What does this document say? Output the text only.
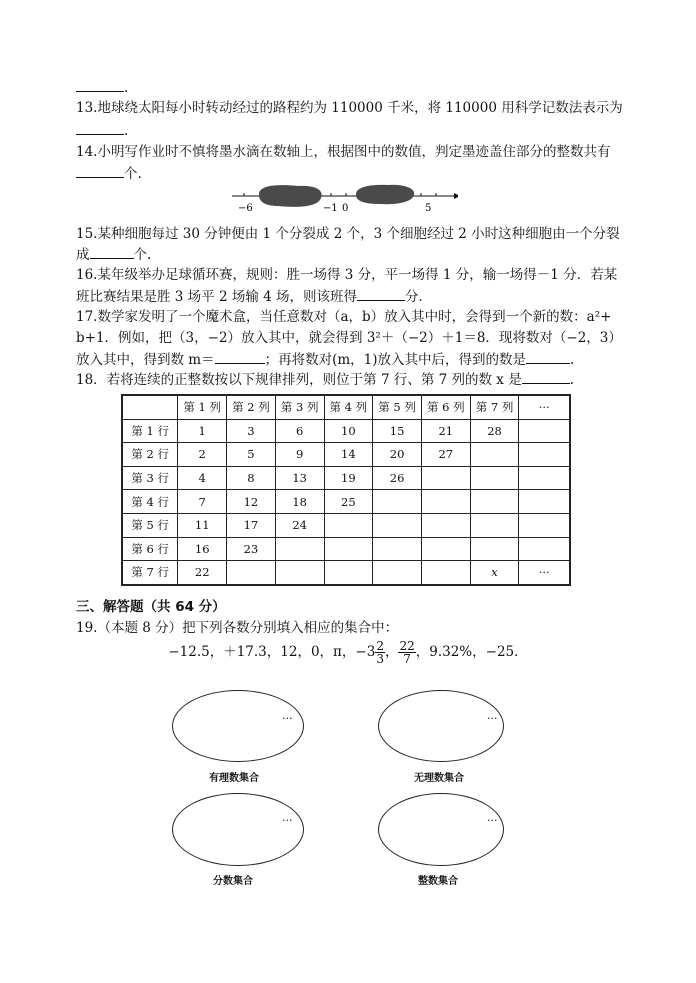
.
13.地球绕太阳每小时转动经过的路程约为 110000 千米，将 110000 用科学记数法表示为
.
14.小明写作业时不慎将墨水滴在数轴上，根据图中的数值，判定墨迹盖住部分的整数共有
个.
−6	−1 0	5
15.某种细胞每过 30 分钟便由 1 个分裂成 2 个，3 个细胞经过 2 小时这种细胞由一个分裂
成	个.
16.某年级举办足球循环赛，规则：胜一场得 3 分，平一场得 1 分，输一场得－1 分．若某
班比赛结果是胜 3 场平 2 场输 4 场，则该班得	分．
17.数学家发明了一个魔术盒，当任意数对（a，b）放入其中时，会得到一个新的数：a²+
b+1．例如，把（3，−2）放入其中，就会得到 3²＋（−2）＋1＝8．现将数对（−2，3）
放入其中，得到数 m＝	；再将数对(m，1)放入其中后，得到的数是	.
18．若将连续的正整数按以下规律排列，则位于第 7 行、第 7 列的数 x 是	.
	第 1 列	第 2 列	第 3 列	第 4 列	第 5 列	第 6 列	第 7 列	···
第 1 行	1	3	6	10	15	21	28	
第 2 行	2	5	9	14	20	27		
第 3 行	4	8	13	19	26			
第 4 行	7	12	18	25				
第 5 行	11	17	24					
第 6 行	16	23						
第 7 行	22						x	···
三、解答题（共 64 分）
19.（本题 8 分）把下列各数分别填入相应的集合中：
−12.5，＋17.3，12，0，π，$-3 \frac{2}{3}$ ， $\frac{22}{7}$ ，9.32%，−25．
···
有理数集合
···
无理数集合
···
分数集合
···
整数集合
